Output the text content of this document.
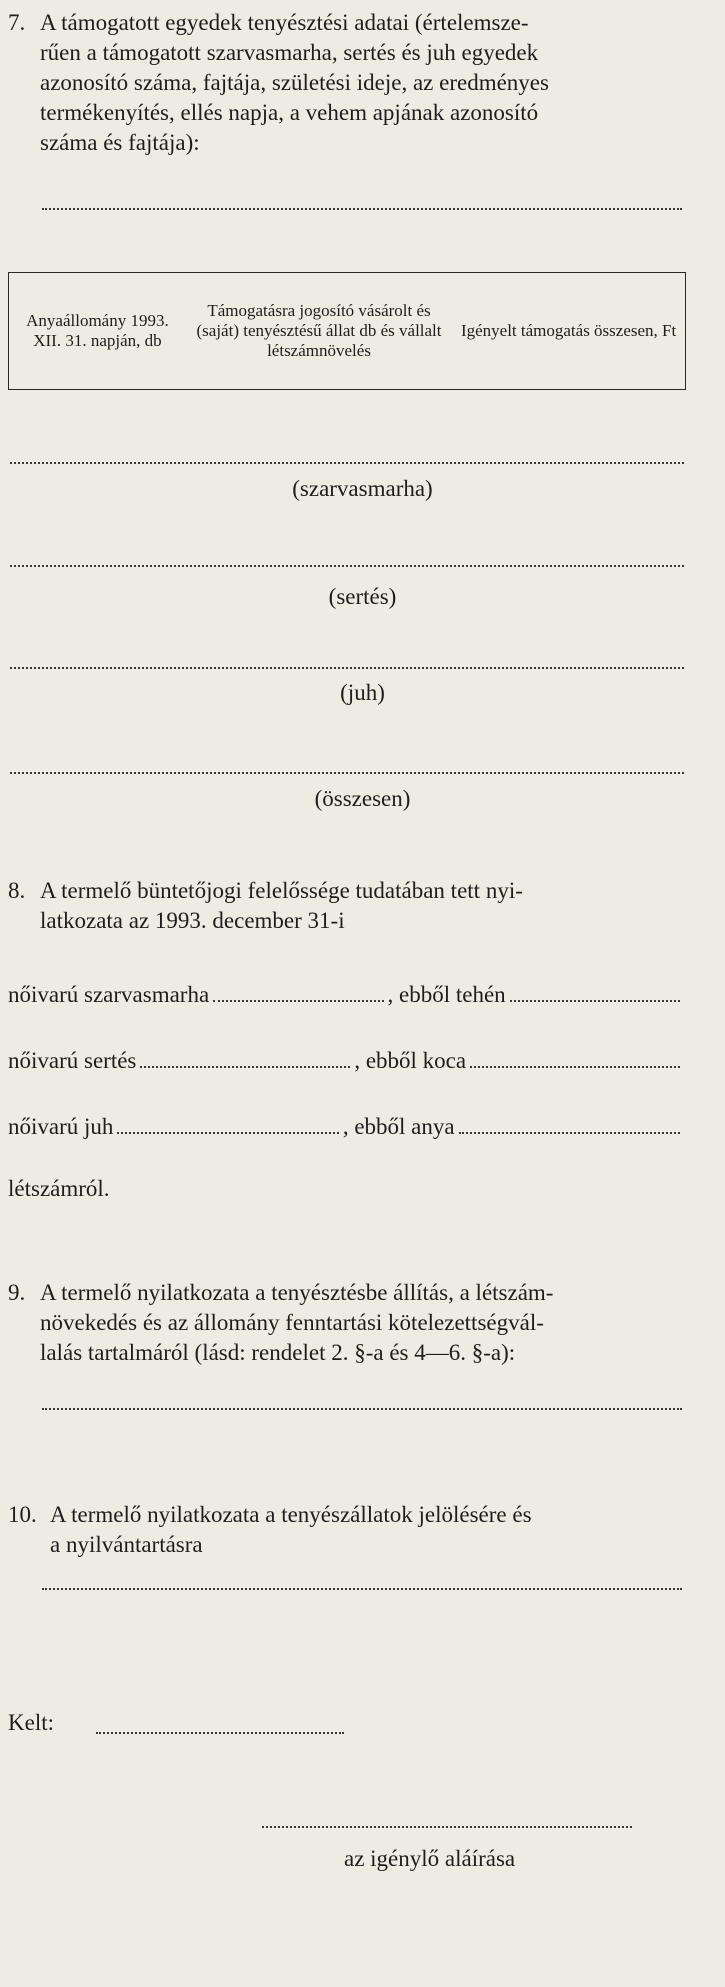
7. A támogatott egyedek tenyésztési adatai (értelemsze-
rűen a támogatott szarvasmarha, sertés és juh egyedek
azonosító száma, fajtája, születési ideje, az eredményes
termékenyítés, ellés napja, a vehem apjának azonosító
száma és fajtája):
Anyaállomány 1993. XII. 31. napján, db	Támogatásra jogosító vásárolt és (saját) tenyésztésű állat db és vállalt létszámnövelés	Igényelt támogatás összesen, Ft
(szarvasmarha)
(sertés)
(juh)
(összesen)
8. A termelő büntetőjogi felelőssége tudatában tett nyi-
latkozata az 1993. december 31-i
nőivarú szarvasmarha	, ebből tehén
nőivarú sertés	, ebből koca
nőivarú juh	, ebből anya
létszámról.
9. A termelő nyilatkozata a tenyésztésbe állítás, a létszám-
növekedés és az állomány fenntartási kötelezettségvál-
lalás tartalmáról (lásd: rendelet 2. §-a és 4—6. §-a):
10. A termelő nyilatkozata a tenyészállatok jelölésére és
a nyilvántartásra
Kelt:
az igénylő aláírása
